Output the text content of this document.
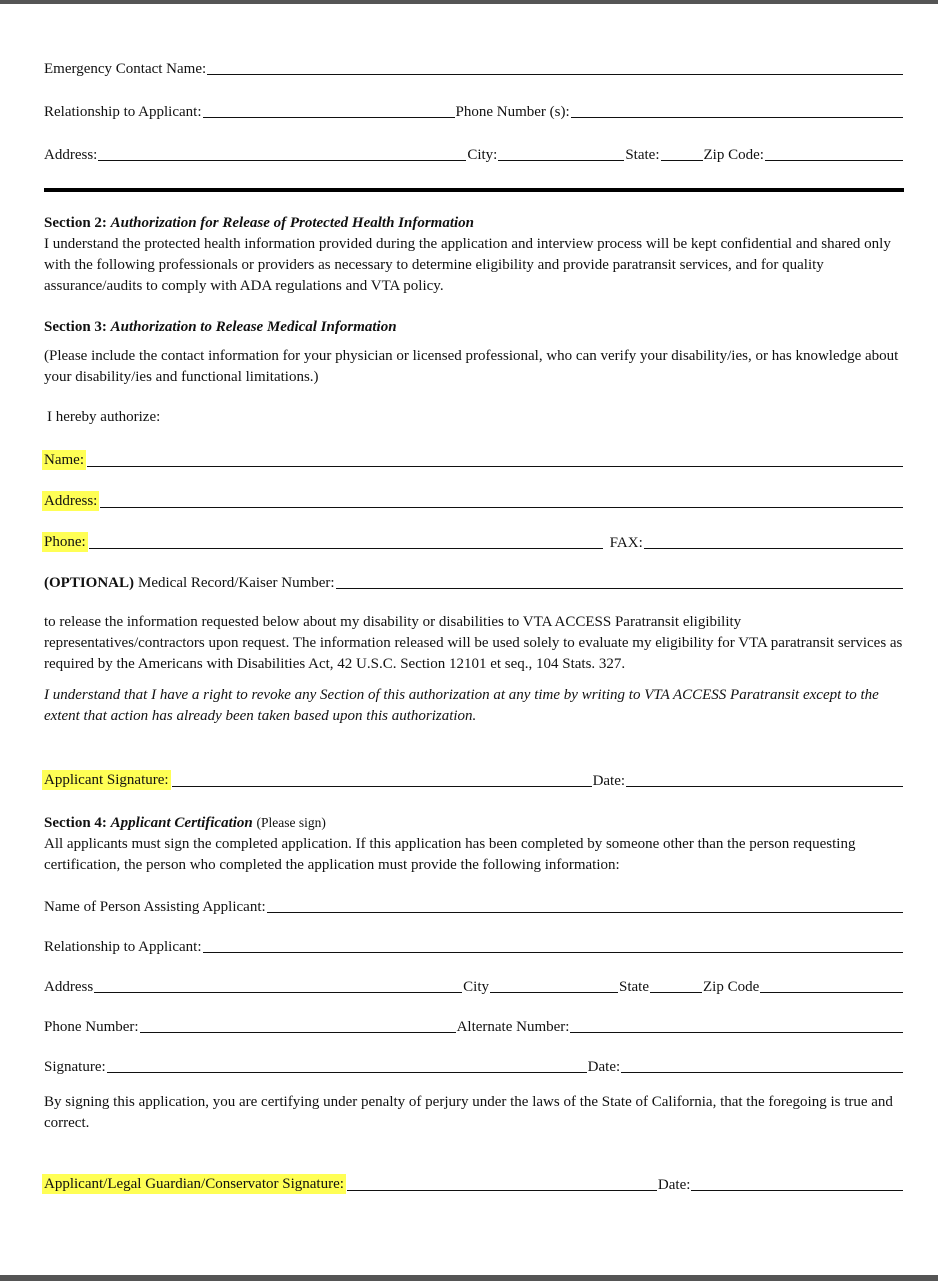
Emergency Contact Name:
Relationship to Applicant:	Phone Number (s):
Address:	City:	State:	Zip Code:
Section 2: Authorization for Release of Protected Health Information
I understand the protected health information provided during the application and interview process will be kept confidential and shared only with the following professionals or providers as necessary to determine eligibility and provide paratransit services, and for quality assurance/audits to comply with ADA regulations and VTA policy.
Section 3: Authorization to Release Medical Information
(Please include the contact information for your physician or licensed professional, who can verify your disability/ies, or has knowledge about your disability/ies and functional limitations.)
I hereby authorize:
Name:
Address:
Phone:	FAX:
(OPTIONAL) Medical Record/Kaiser Number:
to release the information requested below about my disability or disabilities to VTA ACCESS Paratransit eligibility representatives/contractors upon request. The information released will be used solely to evaluate my eligibility for VTA paratransit services as required by the Americans with Disabilities Act, 42 U.S.C. Section 12101 et seq., 104 Stats. 327.
I understand that I have a right to revoke any Section of this authorization at any time by writing to VTA ACCESS Paratransit except to the extent that action has already been taken based upon this authorization.
Applicant Signature:	Date:
Section 4: Applicant Certification (Please sign)
All applicants must sign the completed application. If this application has been completed by someone other than the person requesting certification, the person who completed the application must provide the following information:
Name of Person Assisting Applicant:
Relationship to Applicant:
Address	City	State	Zip Code
Phone Number:	Alternate Number:
Signature:	Date:
By signing this application, you are certifying under penalty of perjury under the laws of the State of California, that the foregoing is true and correct.
Applicant/Legal Guardian/Conservator Signature:	Date:
